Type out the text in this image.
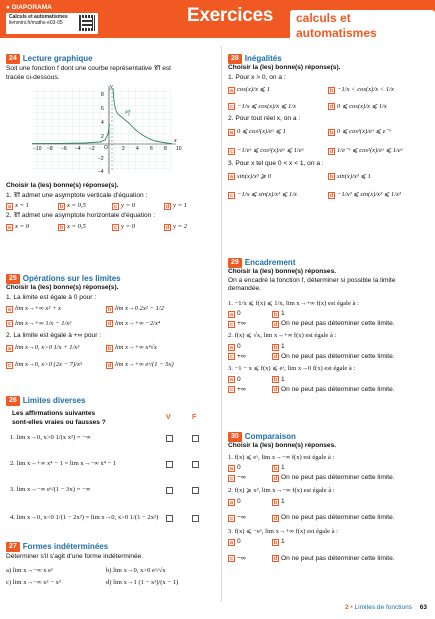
● DIAPORAMA
Calculs et automatismes
lienmini.fr/maths-e03-05	Exercices	calculs et automatismes
24 Lecture graphique
Soit une fonction f dont une courbe représentative 𝒞f est
tracée ci-dessous.
y
x
𝒞f
O
−10 −8 −6 −4 −2	2 4 6 8 10
8
6
4
2
−2
−4
Choisir la (les) bonne(s) réponse(s).
1. 𝒞f admet une asymptote verticale d'équation :
a x = 1	b x = 0,5	c y = 0	d y = 1
2. 𝒞f admet une asymptote horizontale d'équation :
a x = 0	b x = 0,5	c y = 0	d y = 2
25 Opérations sur les limites
Choisir la (les) bonne(s) réponse(s).
1. La limite est égale à 0 pour :
a lim x→+∞ x² + x	b lim x→0 2x² − 1/2
c lim x→+∞ 1/x − 1/x²	d lim x→+∞ −2/x⁴
2. La limite est égale à +∞ pour :
a lim x→0, x>0 1/x + 1/x²	b lim x→+∞ x³√x
c lim x→0, x>0 (2x − 7)/x³	d lim x→+∞ eˣ/(1 − 5x)
26 Limites diverses
Les affirmations suivantes
sont-elles vraies ou fausses ?
V	F
1. lim x→0, x>0 1/(x x²) = −∞
2. lim x→+∞ x⁴ − 1 = lim x→−∞ x⁴ − 1
3. lim x→−∞ eˣ/(1 − 3x) = −∞
4. lim x→0, x<0 1/(1 − 2x²) = lim x→0, x>0 1/(1 − 2x²)
27 Formes indéterminées
Déterminer s'il s'agit d'une forme indéterminée.
a) lim x→−∞ x eˣ	b) lim x→0, x>0 eˣ/√x
c) lim x→−∞ x² − x³	d) lim x→1 (1 − x²)/(x − 1)
28 Inégalités
Choisir la (les) bonne(s) réponse(s).
1. Pour x > 0, on a :
a cos(x)/x ⩽ 1	b −1/x < cos(x)/x < 1/x
c −1/x ⩽ cos(x)/x ⩽ 1/x	d 0 ⩽ cos(x)/x ⩽ 1/x
2. Pour tout réel x, on a :
a 0 ⩽ cos²(x)/eˣ ⩽ 1	b 0 ⩽ cos²(x)/eˣ ⩽ e⁻ˣ
c −1/eˣ ⩽ cos²(x)/eˣ ⩽ 1/eˣ	d 1/e⁻ˣ ⩽ cos²(x)/eˣ ⩽ 1/eˣ
3. Pour x tel que 0 < x < 1, on a :
a sin(x)/x³ ⩾ 0	b sin(x)/x³ ⩽ 1
c −1/x ⩽ sin(x)/x³ ⩽ 1/x	d −1/x³ ⩽ sin(x)/x³ ⩽ 1/x³
29 Encadrement
Choisir la (les) bonne(s) réponses.
On a encadré la fonction f, déterminer si possible la limite
demandée.
1. −1/x ⩽ f(x) ⩽ 1/x, lim x→+∞ f(x) est égale à :
a 0	b 1
c +∞	d On ne peut pas déterminer cette limite.
2. f(x) ⩽ √x, lim x→+∞ f(x) est égale à :
a 0	b 1
c +∞	d On ne peut pas déterminer cette limite.
3. −1 − x ⩽ f(x) ⩽ eˣ, lim x→0 f(x) est égale à :
a 0	b 1
c +∞	d On ne peut pas déterminer cette limite.
30 Comparaison
Choisir la (les) bonne(s) réponses.
1. f(x) ⩽ eˣ, lim x→−∞ f(x) est égale à :
a 0	b 1
c −∞	d On ne peut pas déterminer cette limite.
2. f(x) ⩾ x³, lim x→−∞ f(x) est égale à :
a 0	b 1
c −∞	d On ne peut pas déterminer cette limite.
3. f(x) ⩽ −eˣ, lim x→+∞ f(x) est égale à :
a 0	b 1
c −∞	d On ne peut pas déterminer cette limite.
2 • Limites de fonctions 63
